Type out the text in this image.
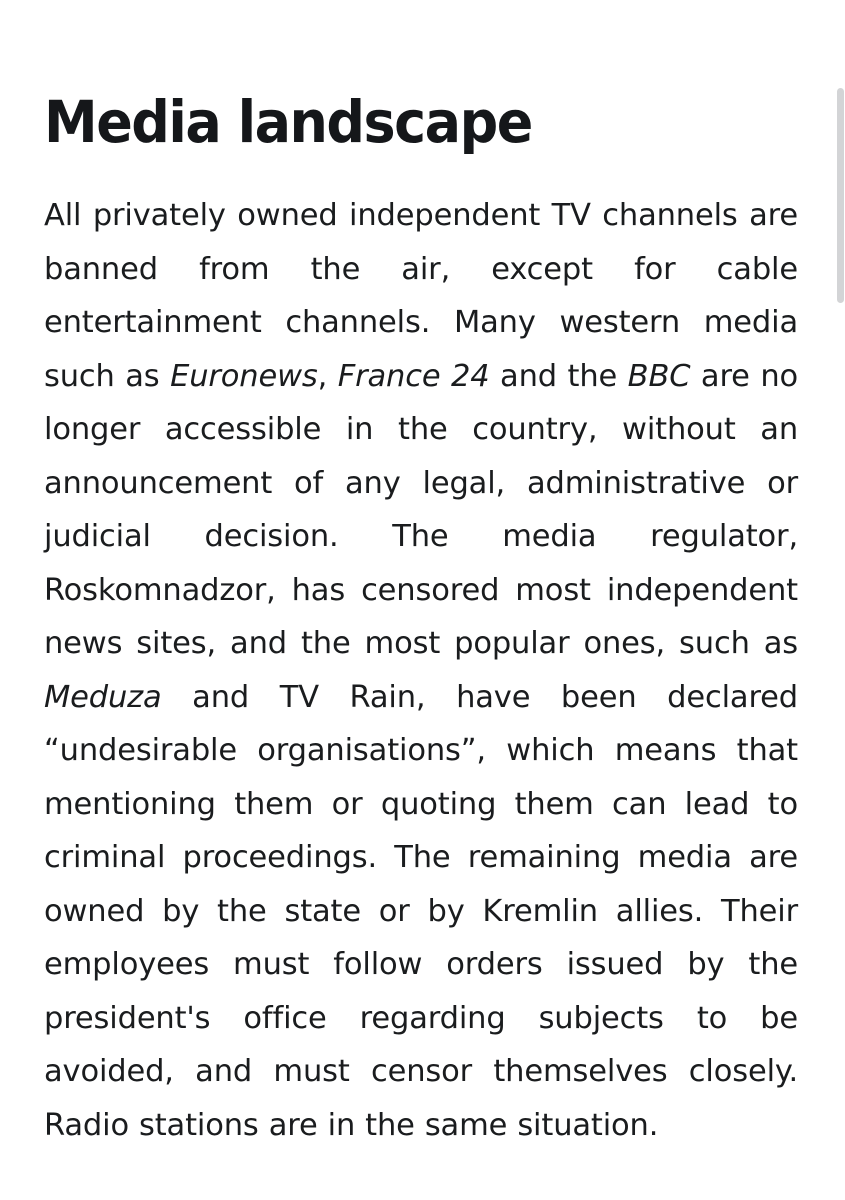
Media landscape

All privately owned independent TV channels are banned from the air, except for cable entertainment channels. Many western media such as Euronews, France 24 and the BBC are no longer accessible in the country, without an announcement of any legal, administrative or judicial decision. The media regulator, Roskomnadzor, has censored most independent news sites, and the most popular ones, such as Meduza and TV Rain, have been declared “undesirable organisations”, which means that mentioning them or quoting them can lead to criminal proceedings. The remaining media are owned by the state or by Kremlin allies. Their employees must follow orders issued by the president's office regarding subjects to be avoided, and must censor themselves closely. Radio stations are in the same situation.
